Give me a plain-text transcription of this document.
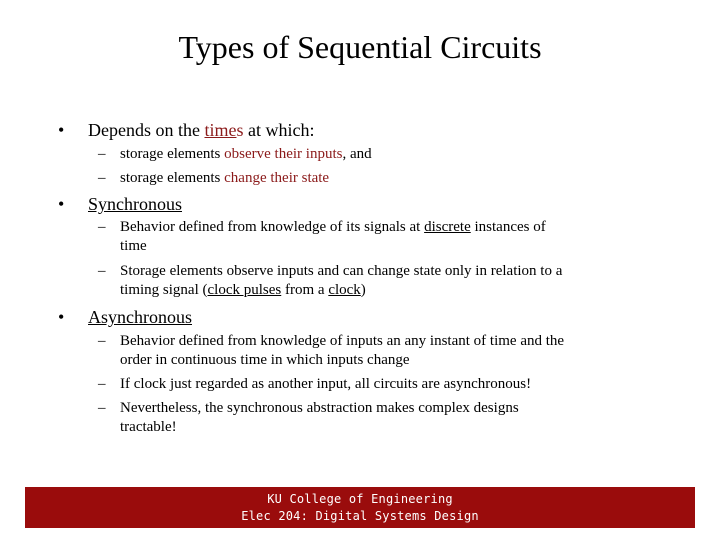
Types of Sequential Circuits
• Depends on the times at which:
– storage elements observe their inputs, and
– storage elements change their state
• Synchronous
– Behavior defined from knowledge of its signals at discrete instances of
time
– Storage elements observe inputs and can change state only in relation to a
timing signal (clock pulses from a clock)
• Asynchronous
– Behavior defined from knowledge of inputs an any instant of time and the
order in continuous time in which inputs change
– If clock just regarded as another input, all circuits are asynchronous!
– Nevertheless, the synchronous abstraction makes complex designs
tractable!
KU College of Engineering
Elec 204: Digital Systems Design
